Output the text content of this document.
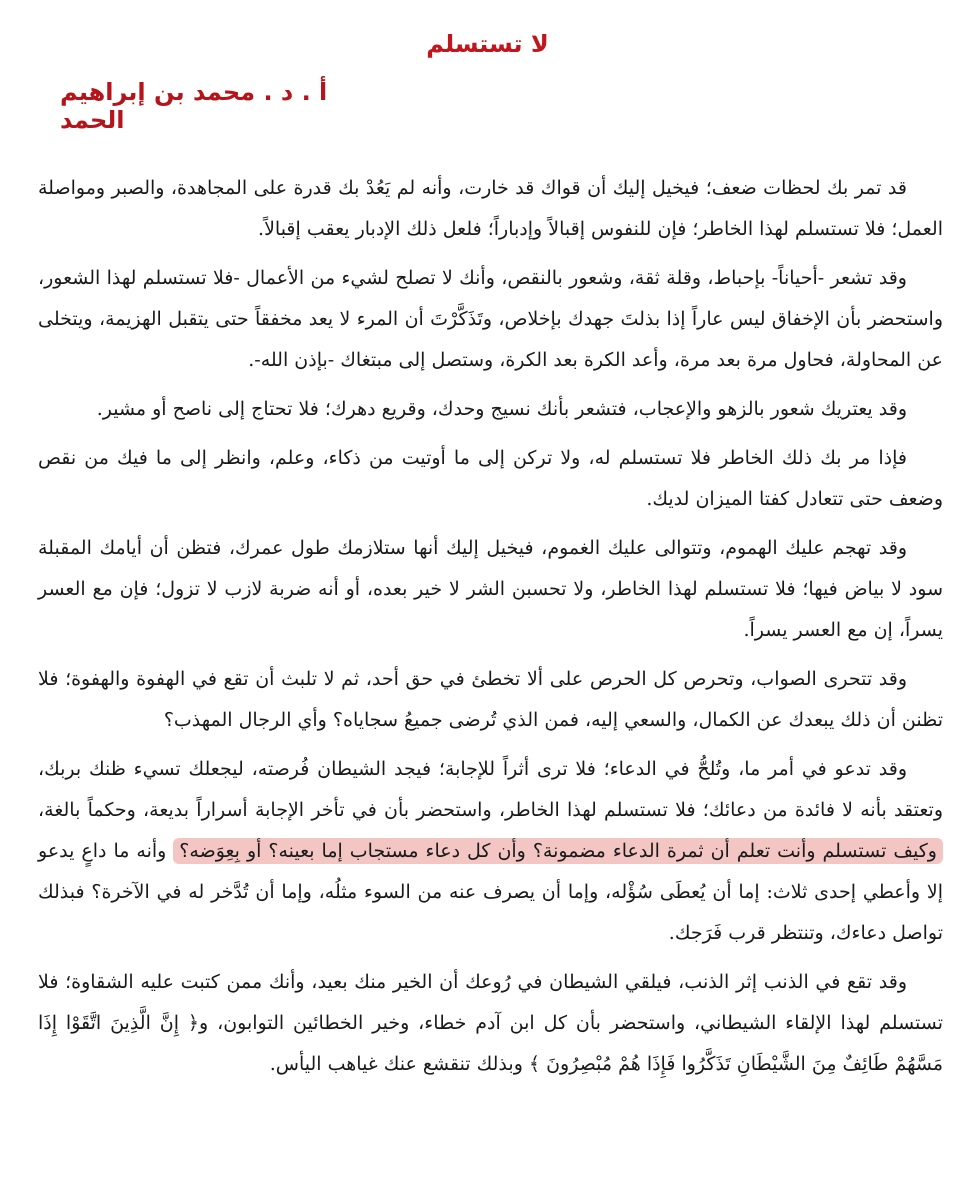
لا تستسلم
أ . د . محمد بن إبراهيم الحمد

قد تمر بك لحظات ضعف؛ فيخيل إليك أن قواك قد خارت، وأنه لم يَعُدْ بك قدرة على المجاهدة، والصبر ومواصلة العمل؛ فلا تستسلم لهذا الخاطر؛ فإن للنفوس إقبالاً وإدباراً؛ فلعل ذلك الإدبار يعقب إقبالاً.

وقد تشعر -أحياناً- بإحباط، وقلة ثقة، وشعور بالنقص، وأنك لا تصلح لشيء من الأعمال -فلا تستسلم لهذا الشعور، واستحضر بأن الإخفاق ليس عاراً إذا بذلتَ جهدك بإخلاص، وتَذَكَّرْتَ أن المرء لا يعد مخفقاً حتى يتقبل الهزيمة، ويتخلى عن المحاولة، فحاول مرة بعد مرة، وأعد الكرة بعد الكرة، وستصل إلى مبتغاك -بإذن الله-.

وقد يعتريك شعور بالزهو والإعجاب، فتشعر بأنك نسيج وحدك، وقريع دهرك؛ فلا تحتاج إلى ناصح أو مشير.

فإذا مر بك ذلك الخاطر فلا تستسلم له، ولا تركن إلى ما أوتيت من ذكاء، وعلم، وانظر إلى ما فيك من نقص وضعف حتى تتعادل كفتا الميزان لديك.

وقد تهجم عليك الهموم، وتتوالى عليك الغموم، فيخيل إليك أنها ستلازمك طول عمرك، فتظن أن أيامك المقبلة سود لا بياض فيها؛ فلا تستسلم لهذا الخاطر، ولا تحسبن الشر لا خير بعده، أو أنه ضربة لازب لا تزول؛ فإن مع العسر يسراً، إن مع العسر يسراً.

وقد تتحرى الصواب، وتحرص كل الحرص على ألا تخطئ في حق أحد، ثم لا تلبث أن تقع في الهفوة والهفوة؛ فلا تظنن أن ذلك يبعدك عن الكمال، والسعي إليه، فمن الذي تُرضى جميعُ سجاياه؟ وأي الرجال المهذب؟

وقد تدعو في أمر ما، وتُلحُّ في الدعاء؛ فلا ترى أثراً للإجابة؛ فيجد الشيطان فُرصته، ليجعلك تسيء ظنك بربك، وتعتقد بأنه لا فائدة من دعائك؛ فلا تستسلم لهذا الخاطر، واستحضر بأن في تأخر الإجابة أسراراً بديعة، وحكماً بالغة، وكيف تستسلم وأنت تعلم أن ثمرة الدعاء مضمونة؟ وأن كل دعاء مستجاب إما بعينه؟ أو بِعِوَضه؟ وأنه ما داعٍ يدعو إلا وأعطي إحدى ثلاث: إما أن يُعطَى سُؤْله، وإما أن يصرف عنه من السوء مثلُه، وإما أن تُدَّخر له في الآخرة؟ فبذلك تواصل دعاءك، وتنتظر قرب فَرَجك.

وقد تقع في الذنب إثر الذنب، فيلقي الشيطان في رُوعك أن الخير منك بعيد، وأنك ممن كتبت عليه الشقاوة؛ فلا تستسلم لهذا الإلقاء الشيطاني، واستحضر بأن كل ابن آدم خطاء، وخير الخطائين التوابون، و﴿ إِنَّ الَّذِينَ اتَّقَوْا إِذَا مَسَّهُمْ طَائِفٌ مِنَ الشَّيْطَانِ تَذَكَّرُوا فَإِذَا هُمْ مُبْصِرُونَ ﴾ وبذلك تنقشع عنك غياهب اليأس.
